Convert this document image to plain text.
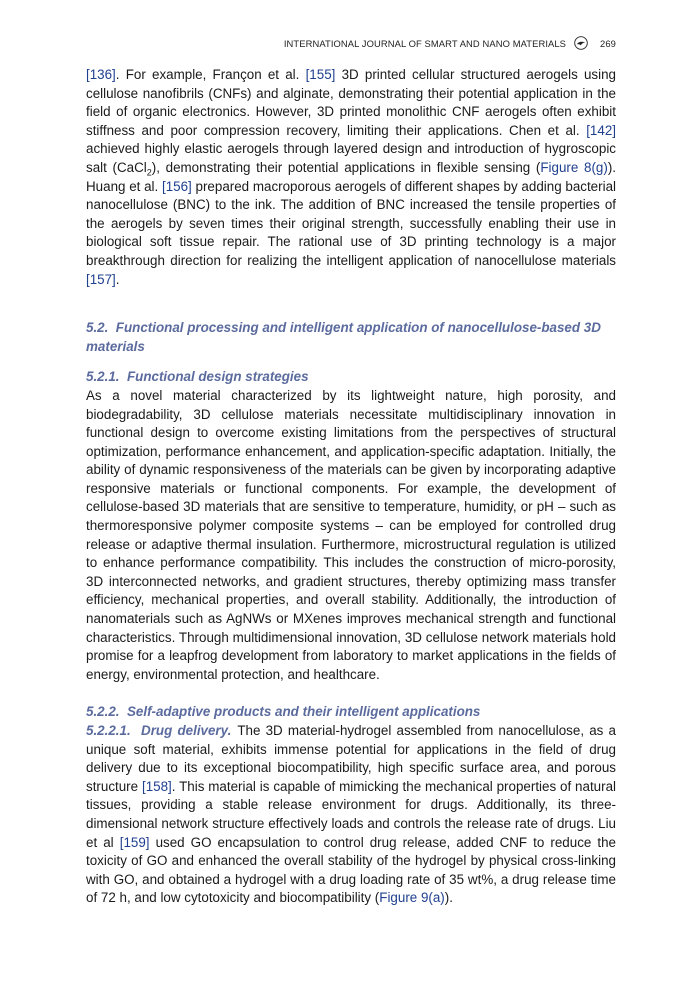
INTERNATIONAL JOURNAL OF SMART AND NANO MATERIALS	269

[136]. For example, Françon et al. [155] 3D printed cellular structured aerogels using cellulose nanofibrils (CNFs) and alginate, demonstrating their potential application in the field of organic electronics. However, 3D printed monolithic CNF aerogels often exhibit stiffness and poor compression recovery, limiting their applications. Chen et al. [142] achieved highly elastic aerogels through layered design and introduction of hygroscopic salt (CaCl$_2$), demonstrating their potential applications in flexible sensing (Figure 8(g)). Huang et al. [156] prepared macroporous aerogels of different shapes by adding bacterial nanocellulose (BNC) to the ink. The addition of BNC increased the tensile properties of the aerogels by seven times their original strength, successfully enabling their use in biological soft tissue repair. The rational use of 3D printing technology is a major breakthrough direction for realizing the intelligent application of nanocellulose materials [157].

5.2. Functional processing and intelligent application of nanocellulose-based 3D materials
5.2.1. Functional design strategies

As a novel material characterized by its lightweight nature, high porosity, and biodegradability, 3D cellulose materials necessitate multidisciplinary innovation in functional design to overcome existing limitations from the perspectives of structural optimization, performance enhancement, and application-specific adaptation. Initially, the ability of dynamic responsiveness of the materials can be given by incorporating adaptive responsive materials or functional components. For example, the development of cellulose-based 3D materials that are sensitive to temperature, humidity, or pH – such as thermoresponsive polymer composite systems – can be employed for controlled drug release or adaptive thermal insulation. Furthermore, microstructural regulation is utilized to enhance performance compatibility. This includes the construction of micro-porosity, 3D interconnected networks, and gradient structures, thereby optimizing mass transfer efficiency, mechanical properties, and overall stability. Additionally, the introduction of nanomaterials such as AgNWs or MXenes improves mechanical strength and functional characteristics. Through multidimensional innovation, 3D cellulose network materials hold promise for a leapfrog development from laboratory to market applications in the fields of energy, environmental protection, and healthcare.

5.2.2. Self-adaptive products and their intelligent applications

5.2.2.1. Drug delivery. The 3D material-hydrogel assembled from nanocellulose, as a unique soft material, exhibits immense potential for applications in the field of drug delivery due to its exceptional biocompatibility, high specific surface area, and porous structure [158]. This material is capable of mimicking the mechanical properties of natural tissues, providing a stable release environment for drugs. Additionally, its three-dimensional network structure effectively loads and controls the release rate of drugs. Liu et al [159] used GO encapsulation to control drug release, added CNF to reduce the toxicity of GO and enhanced the overall stability of the hydrogel by physical cross-linking with GO, and obtained a hydrogel with a drug loading rate of 35 wt%, a drug release time of 72 h, and low cytotoxicity and biocompatibility (Figure 9(a)).
